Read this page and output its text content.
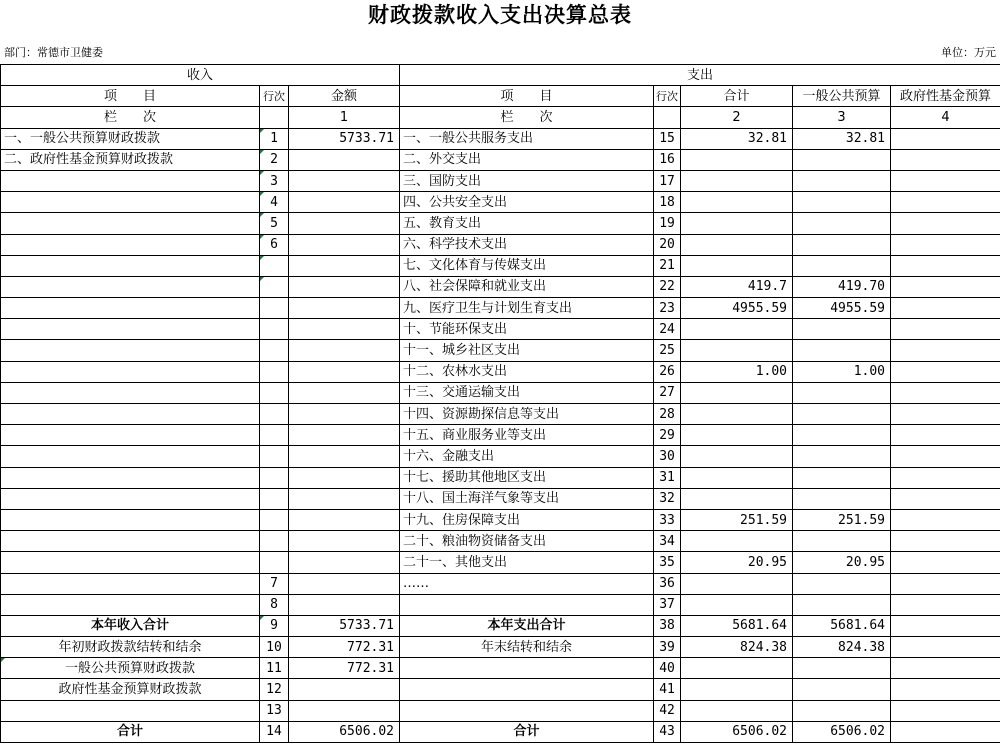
财政拨款收入支出决算总表
部门：常德市卫健委	单位：万元
收入			支出				
项　　目	行次	金额	项　　目	行次	合计	一般公共预算	政府性基金预算
栏　　次		1	栏　　次		2	3	4
一、一般公共预算财政拨款	1	5733.71	一、一般公共服务支出	15	32.81	32.81	
二、政府性基金预算财政拨款	2		二、外交支出	16			
	3		三、国防支出	17			
	4		四、公共安全支出	18			
	5		五、教育支出	19			
	6		六、科学技术支出	20			
			七、文化体育与传媒支出	21			
			八、社会保障和就业支出	22	419.7	419.70	
			九、医疗卫生与计划生育支出	23	4955.59	4955.59	
			十、节能环保支出	24			
			十一、城乡社区支出	25			
			十二、农林水支出	26	1.00	1.00	
			十三、交通运输支出	27			
			十四、资源勘探信息等支出	28			
			十五、商业服务业等支出	29			
			十六、金融支出	30			
			十七、援助其他地区支出	31			
			十八、国土海洋气象等支出	32			
			十九、住房保障支出	33	251.59	251.59	
			二十、粮油物资储备支出	34			
			二十一、其他支出	35	20.95	20.95	
	7		……	36			
	8			37			
本年收入合计	9	5733.71	本年支出合计	38	5681.64	5681.64	
年初财政拨款结转和结余	10	772.31	年末结转和结余	39	824.38	824.38	
一般公共预算财政拨款	11	772.31		40			
政府性基金预算财政拨款	12			41			
	13			42			
合计	14	6506.02	合计	43	6506.02	6506.02	
